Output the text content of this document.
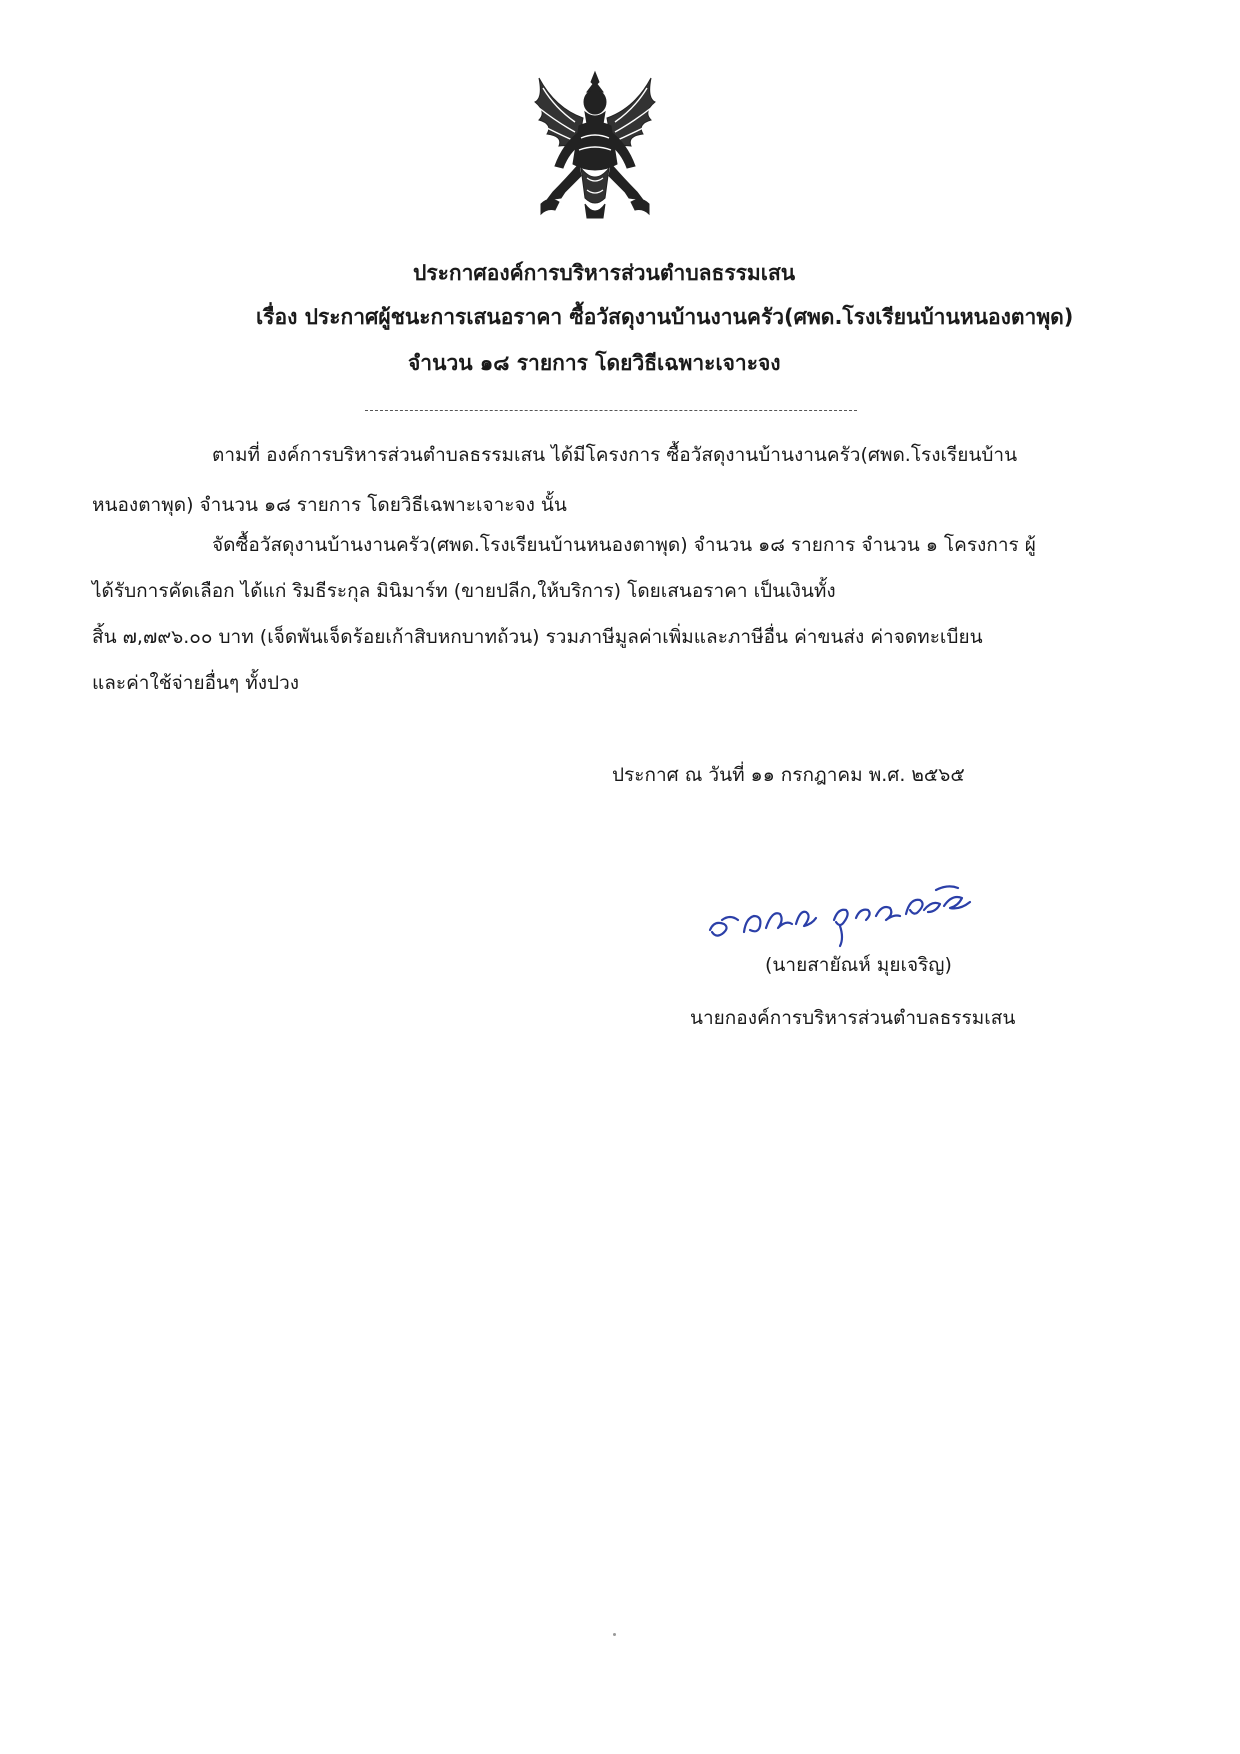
ประกาศองค์การบริหารส่วนตำบลธรรมเสน
เรื่อง ประกาศผู้ชนะการเสนอราคา ซื้อวัสดุงานบ้านงานครัว(ศพด.โรงเรียนบ้านหนองตาพุด)
จำนวน ๑๘ รายการ โดยวิธีเฉพาะเจาะจง
ตามที่ องค์การบริหารส่วนตำบลธรรมเสน ได้มีโครงการ ซื้อวัสดุงานบ้านงานครัว(ศพด.โรงเรียนบ้าน
หนองตาพุด) จำนวน ๑๘ รายการ โดยวิธีเฉพาะเจาะจง นั้น
จัดซื้อวัสดุงานบ้านงานครัว(ศพด.โรงเรียนบ้านหนองตาพุด) จำนวน ๑๘ รายการ จำนวน ๑ โครงการ ผู้
ได้รับการคัดเลือก ได้แก่ ริมธีระกุล มินิมาร์ท (ขายปลีก,ให้บริการ) โดยเสนอราคา เป็นเงินทั้ง
สิ้น ๗,๗๙๖.๐๐ บาท (เจ็ดพันเจ็ดร้อยเก้าสิบหกบาทถ้วน) รวมภาษีมูลค่าเพิ่มและภาษีอื่น ค่าขนส่ง ค่าจดทะเบียน
และค่าใช้จ่ายอื่นๆ ทั้งปวง
ประกาศ ณ วันที่ ๑๑ กรกฎาคม พ.ศ. ๒๕๖๕
(นายสายัณห์ มุยเจริญ)
นายกองค์การบริหารส่วนตำบลธรรมเสน
